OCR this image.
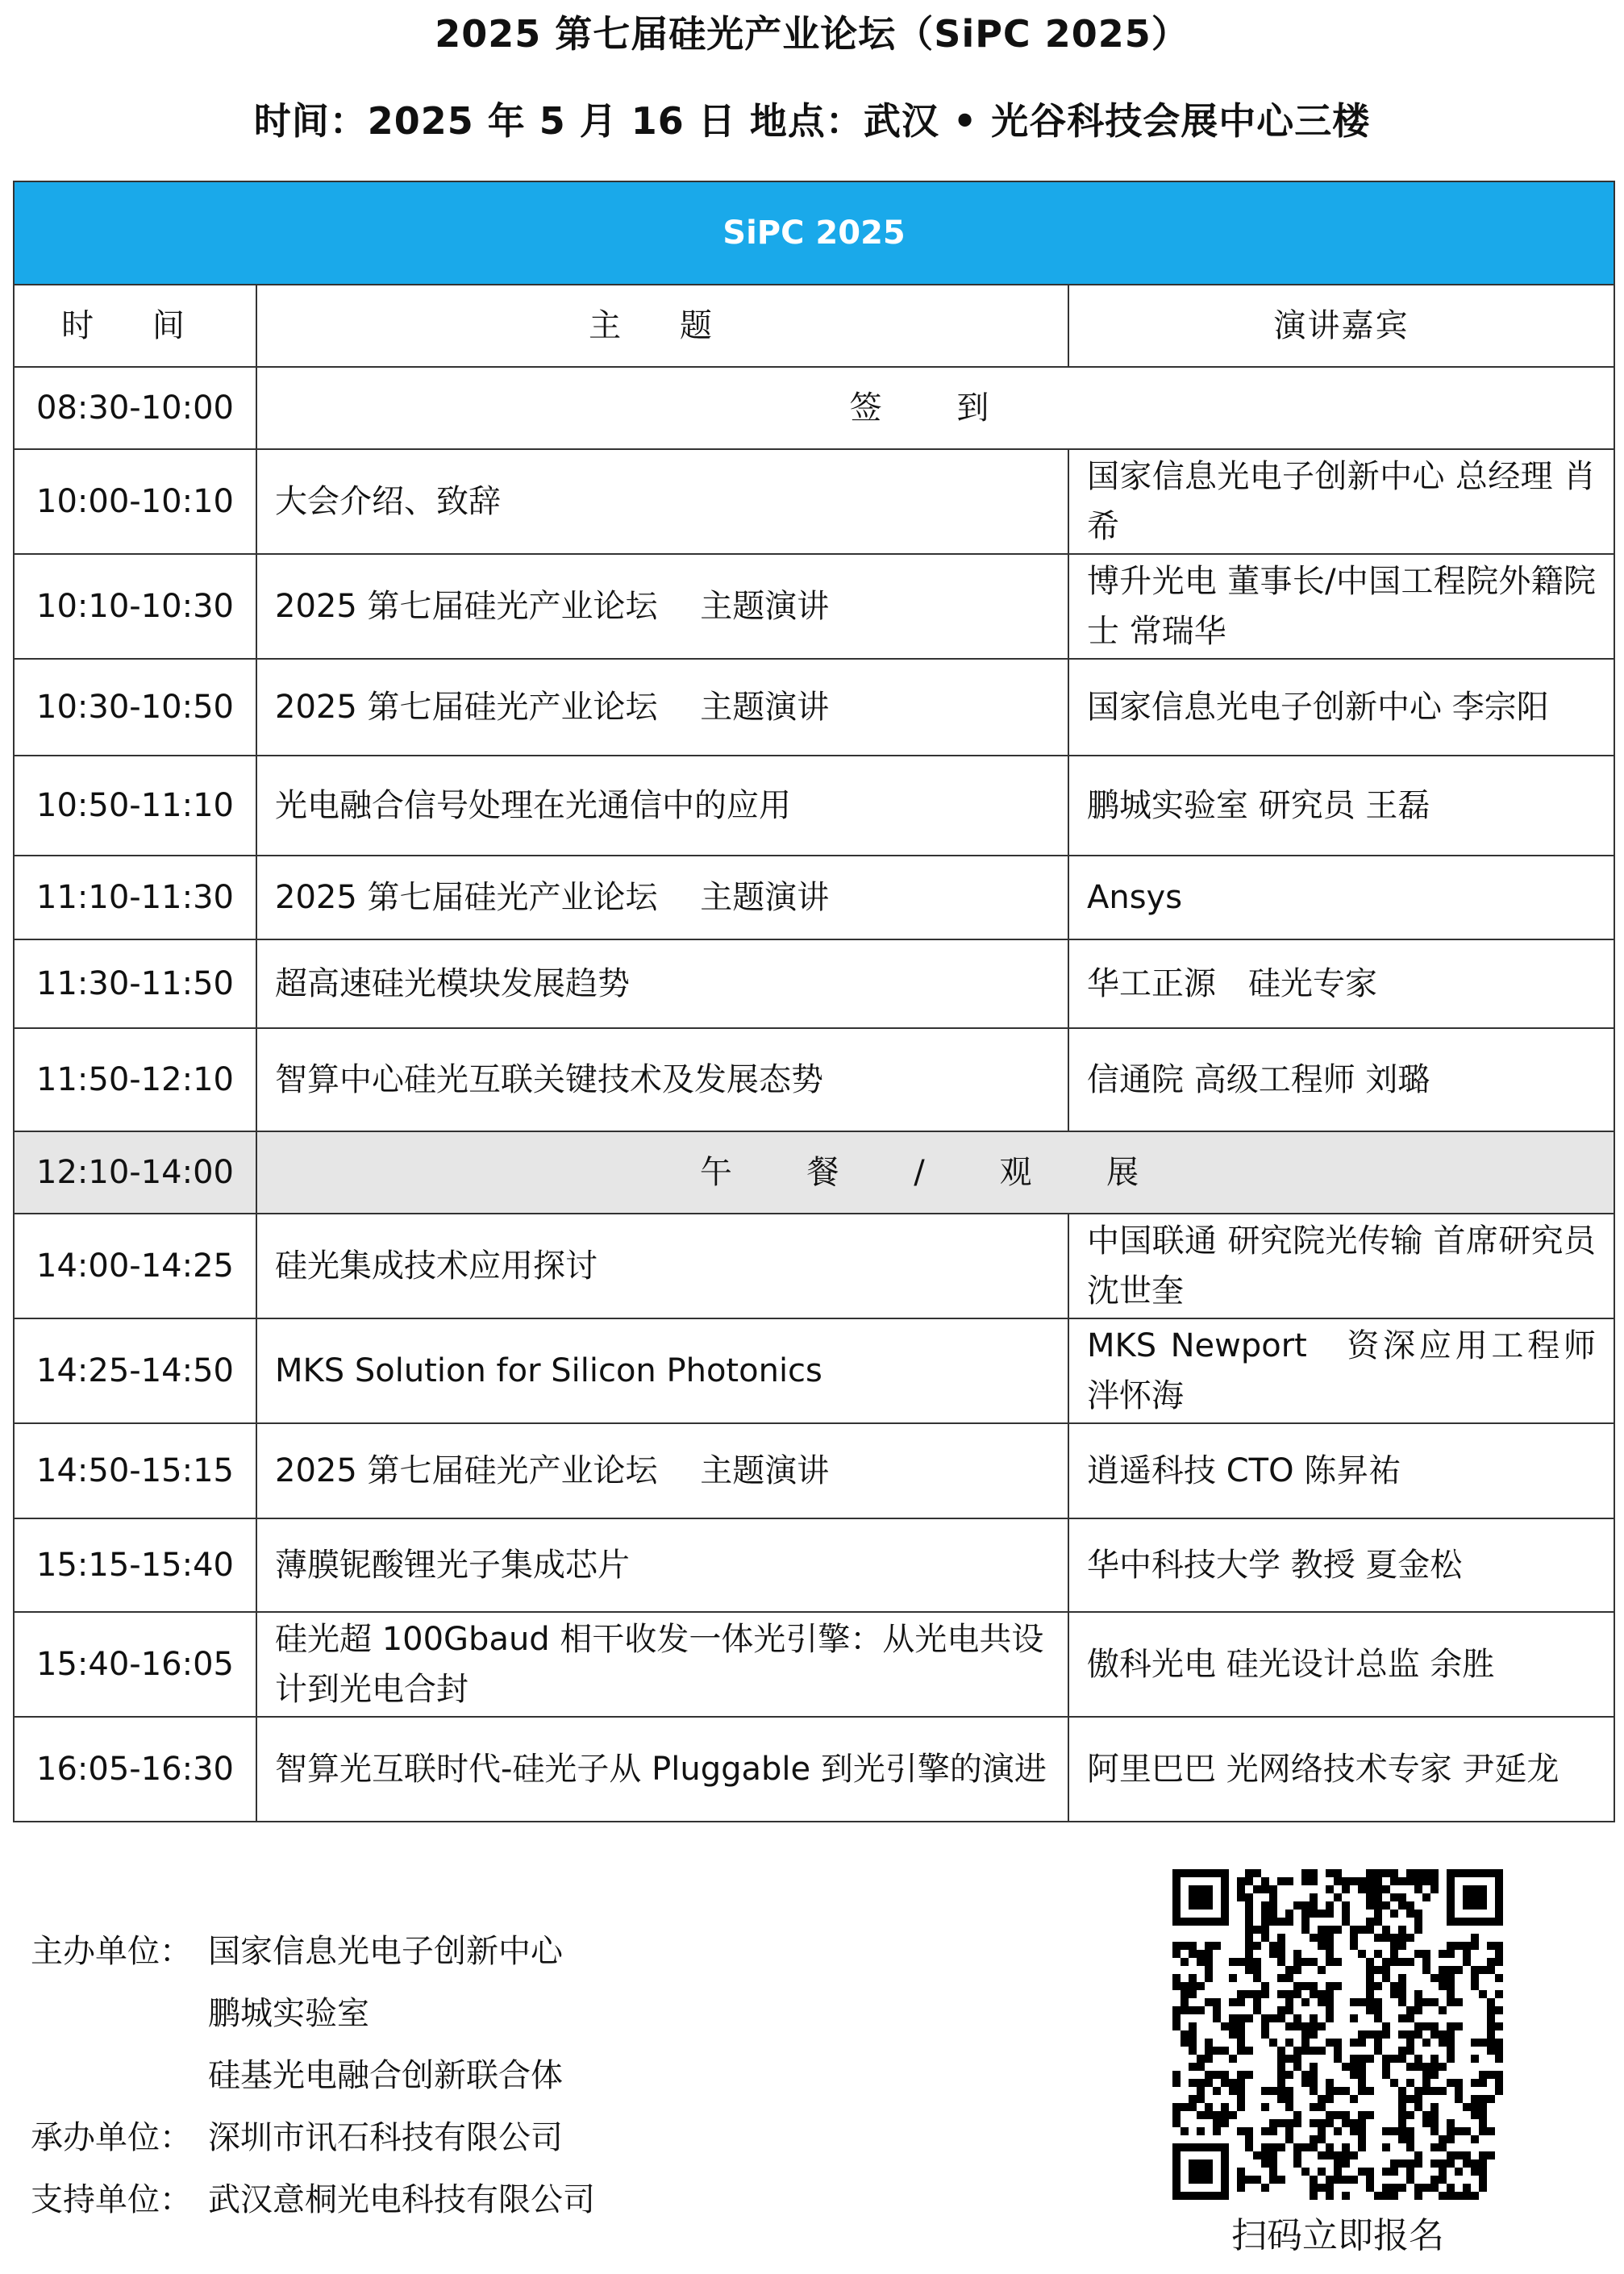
2025 第七届硅光产业论坛（SiPC 2025）
时间：2025 年 5 月 16 日 地点：武汉 • 光谷科技会展中心三楼
SiPC 2025		
时 间	主 题	演讲嘉宾
08:30-10:00	签 到	
10:00-10:10	大会介绍、致辞	国家信息光电子创新中心 总经理 肖希
10:10-10:30	2025 第七届硅光产业论坛　 主题演讲	博升光电 董事长/中国工程院外籍院士 常瑞华
10:30-10:50	2025 第七届硅光产业论坛　 主题演讲	国家信息光电子创新中心 李宗阳
10:50-11:10	光电融合信号处理在光通信中的应用	鹏城实验室 研究员 王磊
11:10-11:30	2025 第七届硅光产业论坛　 主题演讲	Ansys
11:30-11:50	超高速硅光模块发展趋势	华工正源　硅光专家
11:50-12:10	智算中心硅光互联关键技术及发展态势	信通院 高级工程师 刘璐
12:10-14:00	午 餐 / 观 展	
14:00-14:25	硅光集成技术应用探讨	中国联通 研究院光传输 首席研究员 沈世奎
14:25-14:50	MKS Solution for Silicon Photonics	MKS Newport　资深应用工程师 泮怀海
14:50-15:15	2025 第七届硅光产业论坛　 主题演讲	逍遥科技 CTO 陈昇祐
15:15-15:40	薄膜铌酸锂光子集成芯片	华中科技大学 教授 夏金松
15:40-16:05	硅光超 100Gbaud 相干收发一体光引擎：从光电共设计到光电合封	傲科光电 硅光设计总监 余胜
16:05-16:30	智算光互联时代-硅光子从 Pluggable 到光引擎的演进	阿里巴巴 光网络技术专家 尹延龙
主办单位： 国家信息光电子创新中心
鹏城实验室
硅基光电融合创新联合体
承办单位： 深圳市讯石科技有限公司
支持单位： 武汉意桐光电科技有限公司
扫码立即报名
